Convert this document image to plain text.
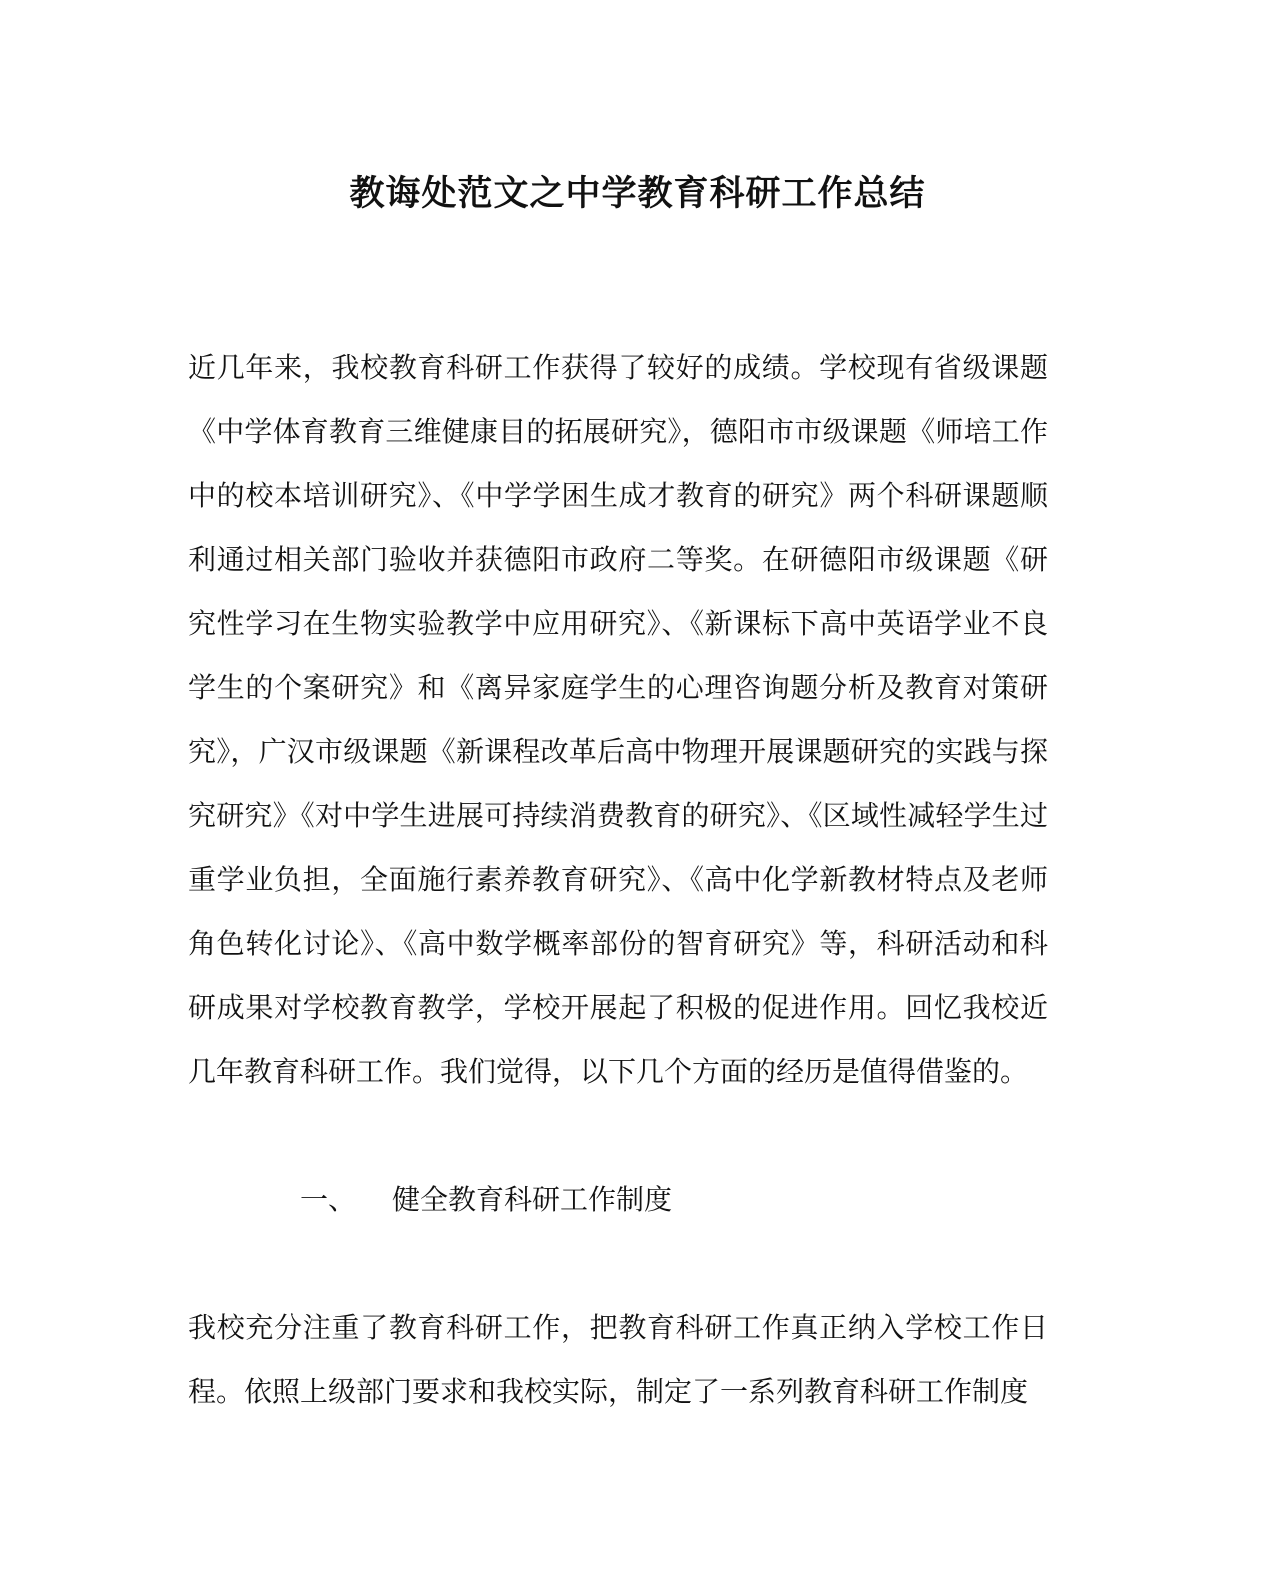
教诲处范文之中学教育科研工作总结

近几年来，我校教育科研工作获得了较好的成绩。学校现有省级课题《中学体育教育三维健康目的拓展研究》，德阳市市级课题《师培工作中的校本培训研究》、《中学学困生成才教育的研究》两个科研课题顺利通过相关部门验收并获德阳市政府二等奖。在研德阳市级课题《研究性学习在生物实验教学中应用研究》、《新课标下高中英语学业不良学生的个案研究》和《离异家庭学生的心理咨询题分析及教育对策研究》，广汉市级课题《新课程改革后高中物理开展课题研究的实践与探究研究》《对中学生进展可持续消费教育的研究》、《区域性减轻学生过重学业负担，全面施行素养教育研究》、《高中化学新教材特点及老师角色转化讨论》、《高中数学概率部份的智育研究》等，科研活动和科研成果对学校教育教学，学校开展起了积极的促进作用。回忆我校近几年教育科研工作。我们觉得，以下几个方面的经历是值得借鉴的。

一、 健全教育科研工作制度

我校充分注重了教育科研工作，把教育科研工作真正纳入学校工作日程。依照上级部门要求和我校实际，制定了一系列教育科研工作制度
